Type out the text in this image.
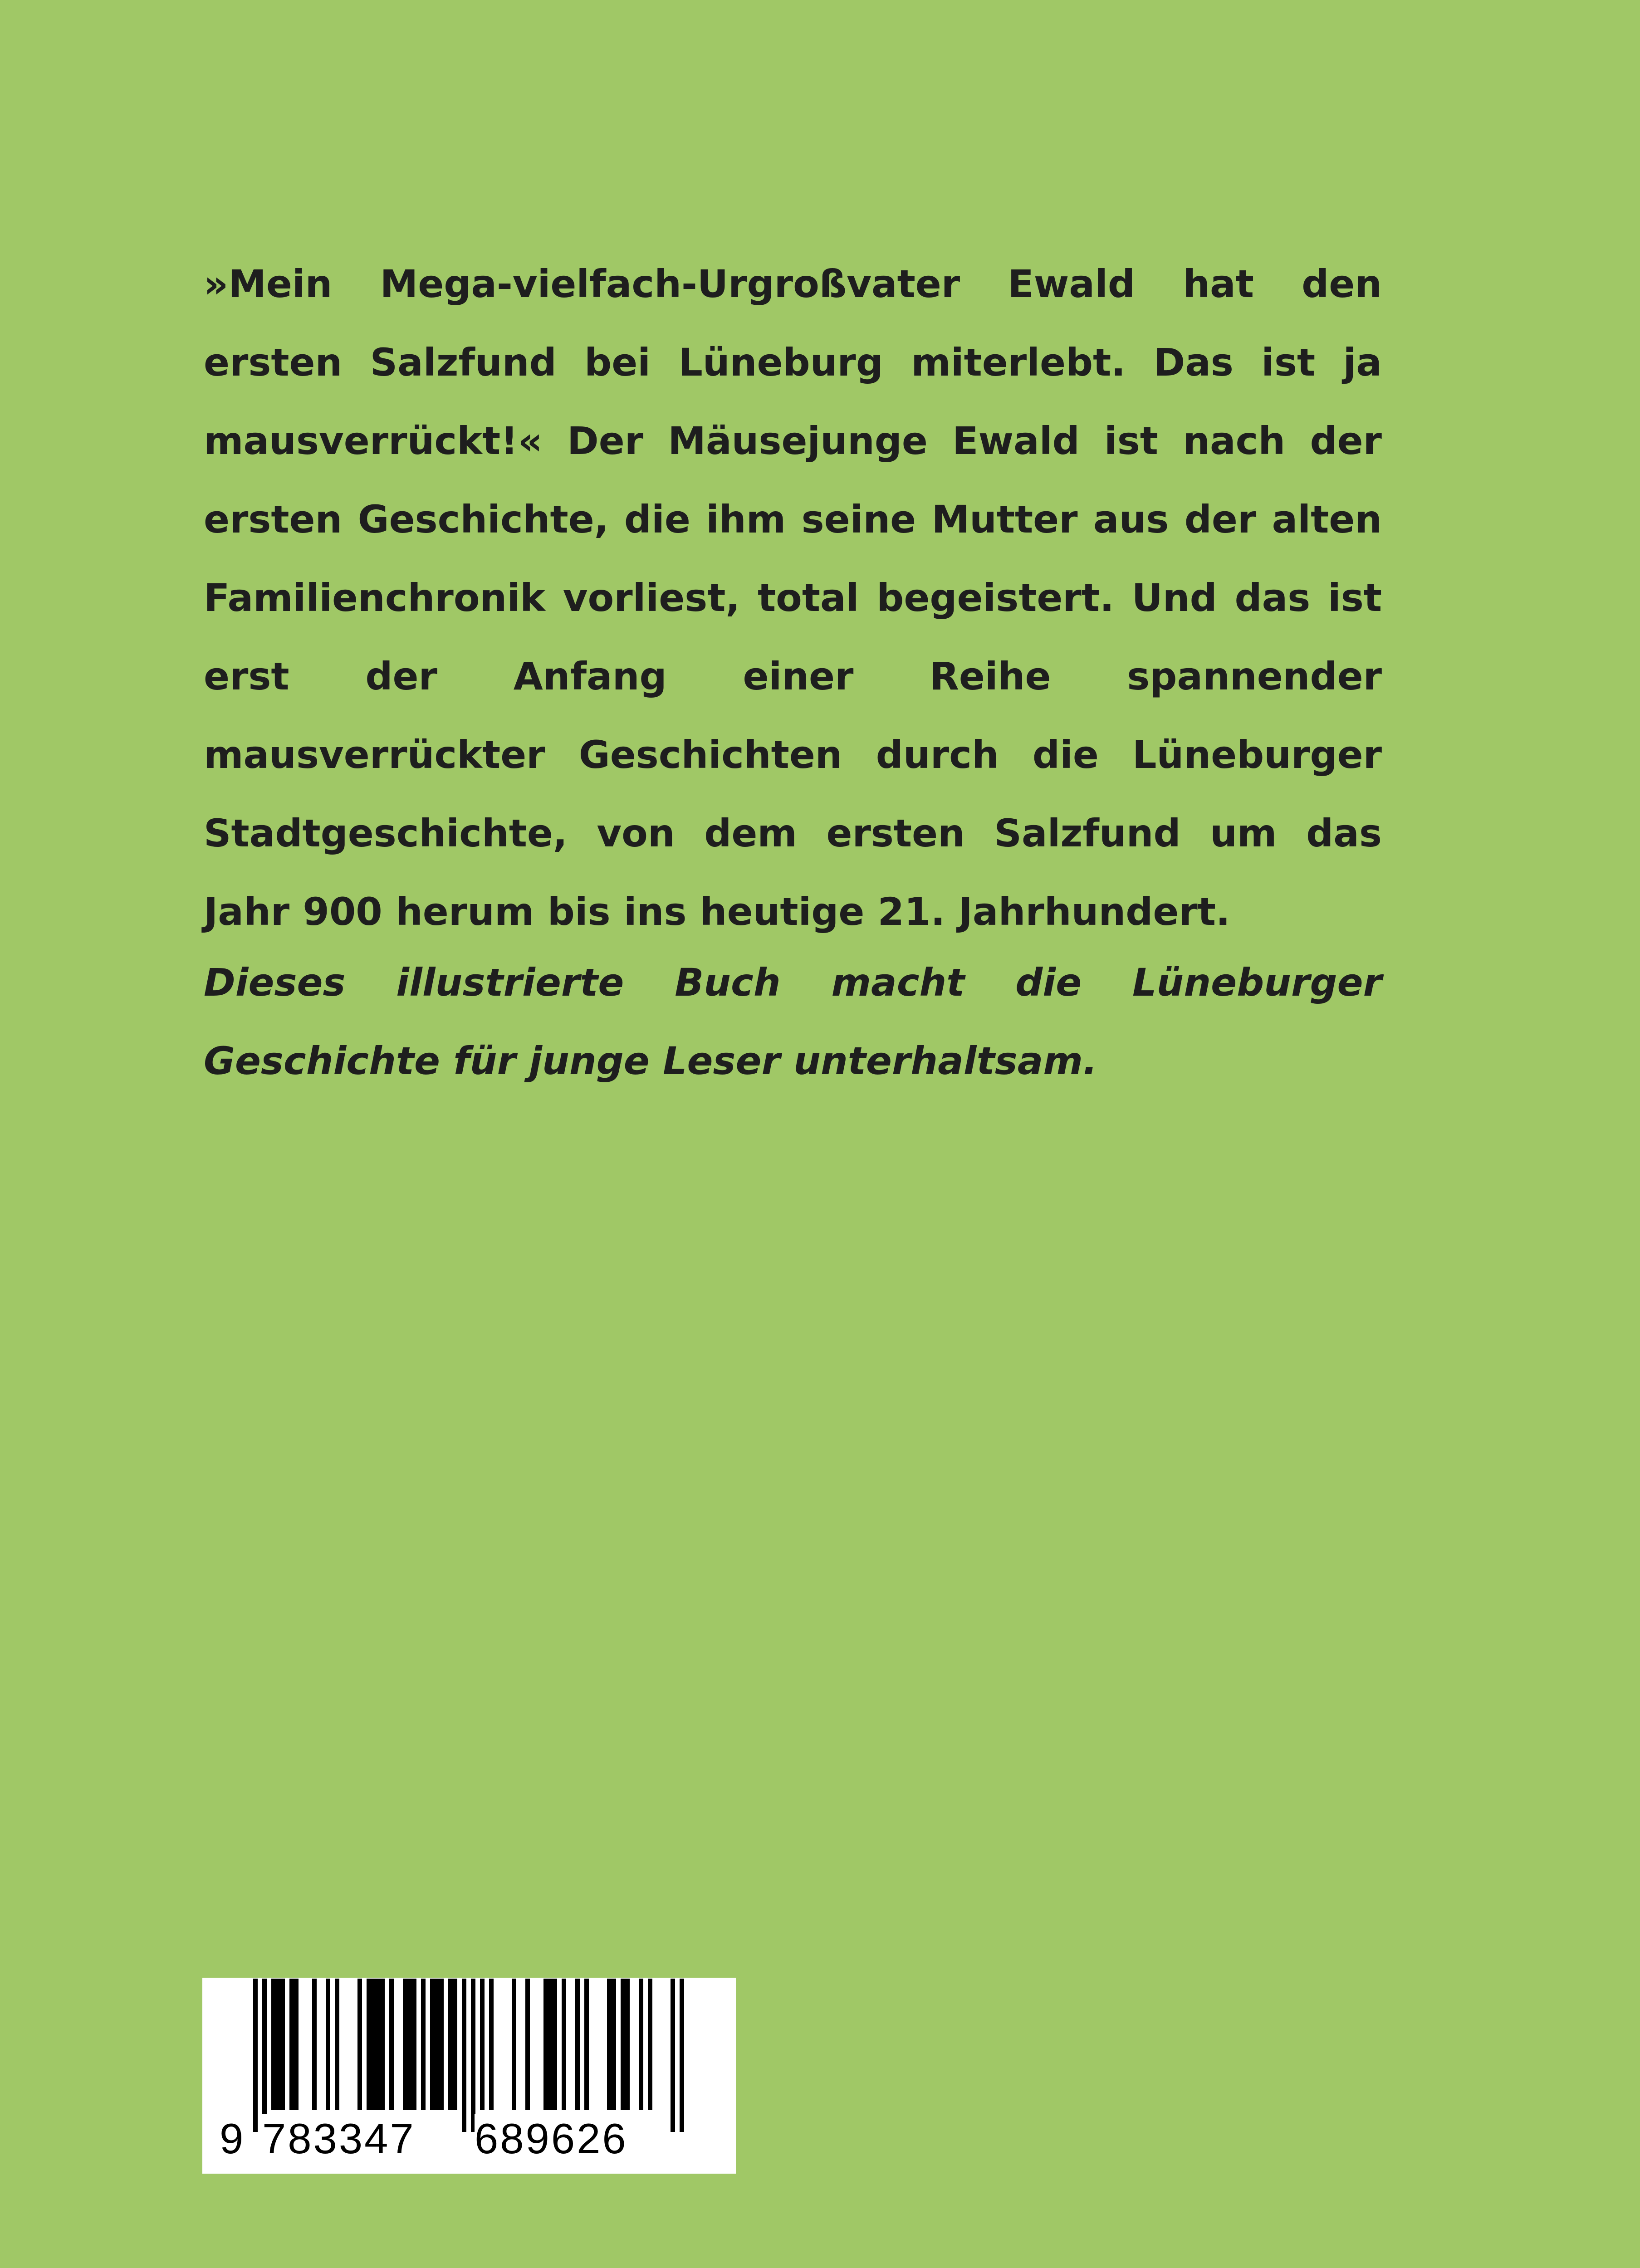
»Mein Mega-vielfach-Urgroßvater Ewald hat den ersten Salzfund bei Lüneburg miterlebt. Das ist ja mausverrückt!« Der Mäusejunge Ewald ist nach der ersten Geschichte, die ihm seine Mutter aus der alten Familienchronik vorliest, total begeistert. Und das ist erst der Anfang einer Reihe spannender mausverrückter Geschichten durch die Lüneburger Stadtgeschichte, von dem ersten Salzfund um das Jahr 900 herum bis ins heutige 21. Jahrhundert.

Dieses illustrierte Buch macht die Lüneburger Geschichte für junge Leser unterhaltsam.

9 783347 689626
